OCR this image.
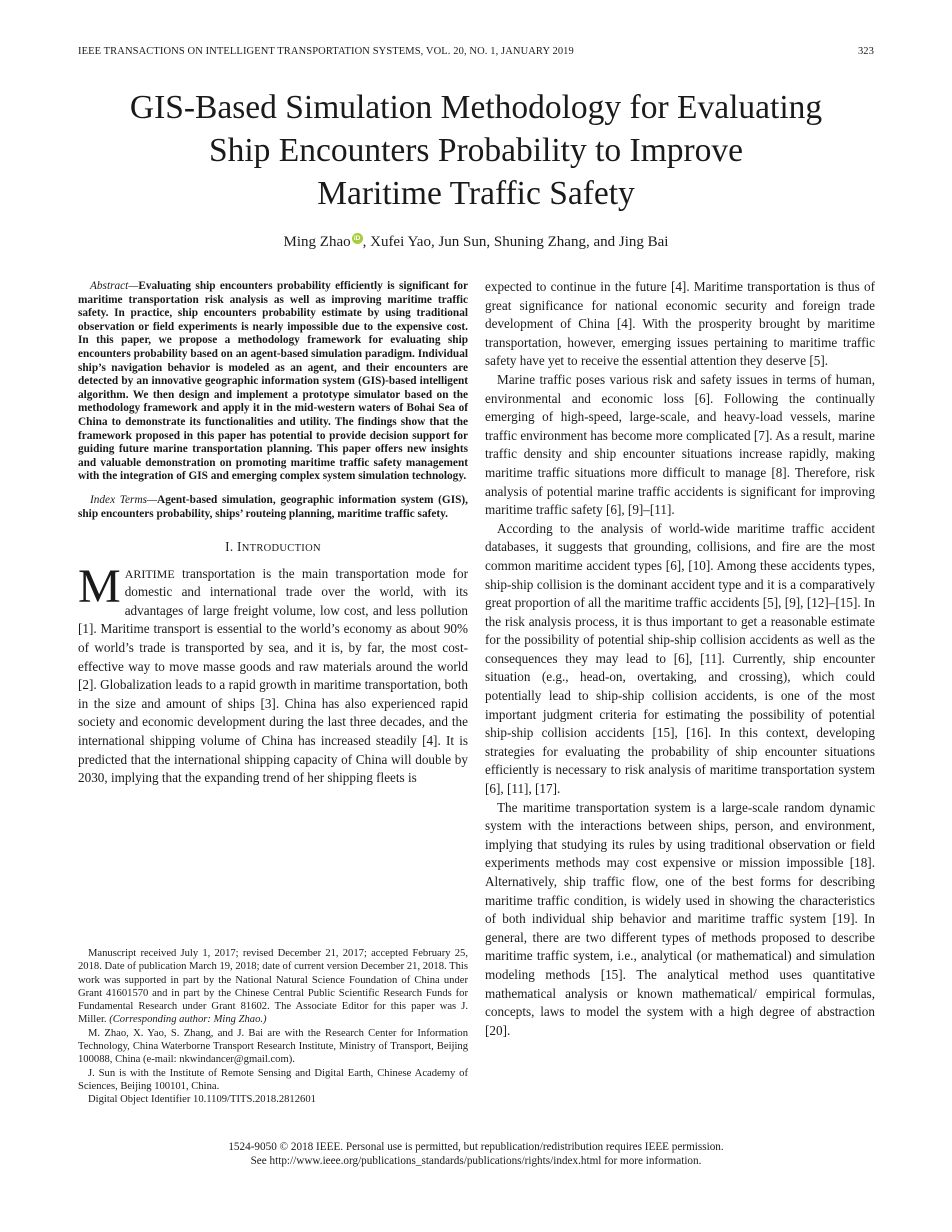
IEEE TRANSACTIONS ON INTELLIGENT TRANSPORTATION SYSTEMS, VOL. 20, NO. 1, JANUARY 2019	323
GIS-Based Simulation Methodology for Evaluating
Ship Encounters Probability to Improve
Maritime Traffic Safety
Ming Zhao iD , Xufei Yao, Jun Sun, Shuning Zhang, and Jing Bai

Abstract—Evaluating ship encounters probability efficiently is significant for maritime transportation risk analysis as well as improving maritime traffic safety. In practice, ship encounters probability estimate by using traditional observation or field experiments is nearly impossible due to the expensive cost. In this paper, we propose a methodology framework for evaluating ship encounters probability based on an agent-based simulation paradigm. Individual ship’s navigation behavior is modeled as an agent, and their encounters are detected by an innovative geographic information system (GIS)-based intelligent algorithm. We then design and implement a prototype simulator based on the methodology framework and apply it in the mid-western waters of Bohai Sea of China to demonstrate its functionalities and utility. The findings show that the framework proposed in this paper has potential to provide decision support for guiding future marine transportation planning. This paper offers new insights and valuable demonstration on promoting maritime traffic safety management with the integration of GIS and emerging complex system simulation technology.

Index Terms—Agent-based simulation, geographic information system (GIS), ship encounters probability, ships’ routeing planning, maritime traffic safety.

I. INTRODUCTION

MARITIME transportation is the main transportation mode for domestic and international trade over the world, with its advantages of large freight volume, low cost, and less pollution [1]. Maritime transport is essential to the world’s economy as about 90% of world’s trade is transported by sea, and it is, by far, the most cost-effective way to move masse goods and raw materials around the world [2]. Globalization leads to a rapid growth in maritime transportation, both in the size and amount of ships [3]. China has also experienced rapid society and economic development during the last three decades, and the international shipping volume of China has increased steadily [4]. It is predicted that the international shipping capacity of China will double by 2030, implying that the expanding trend of her shipping fleets is

Manuscript received July 1, 2017; revised December 21, 2017; accepted February 25, 2018. Date of publication March 19, 2018; date of current version December 21, 2018. This work was supported in part by the National Natural Science Foundation of China under Grant 41601570 and in part by the Chinese Central Public Scientific Research Funds for Fundamental Research under Grant 81602. The Associate Editor for this paper was J. Miller. (Corresponding author: Ming Zhao.)

M. Zhao, X. Yao, S. Zhang, and J. Bai are with the Research Center for Information Technology, China Waterborne Transport Research Institute, Ministry of Transport, Beijing 100088, China (e-mail: nkwindancer@gmail.com).

J. Sun is with the Institute of Remote Sensing and Digital Earth, Chinese Academy of Sciences, Beijing 100101, China.

Digital Object Identifier 10.1109/TITS.2018.2812601

expected to continue in the future [4]. Maritime transportation is thus of great significance for national economic security and foreign trade development of China [4]. With the prosperity brought by maritime transportation, however, emerging issues pertaining to maritime traffic safety have yet to receive the essential attention they deserve [5].

Marine traffic poses various risk and safety issues in terms of human, environmental and economic loss [6]. Following the continually emerging of high-speed, large-scale, and heavy-load vessels, marine traffic environment has become more complicated [7]. As a result, marine traffic density and ship encounter situations increase rapidly, making maritime traffic situations more difficult to manage [8]. Therefore, risk analysis of potential marine traffic accidents is significant for improving maritime traffic safety [6], [9]–[11].

According to the analysis of world-wide maritime traffic accident databases, it suggests that grounding, collisions, and fire are the most common maritime accident types [6], [10]. Among these accidents types, ship-ship collision is the dominant accident type and it is a comparatively great proportion of all the maritime traffic accidents [5], [9], [12]–[15]. In the risk analysis process, it is thus important to get a reasonable estimate for the possibility of potential ship-ship collision accidents as well as the consequences they may lead to [6], [11]. Currently, ship encounter situation (e.g., head-on, overtaking, and crossing), which could potentially lead to ship-ship collision accidents, is one of the most important judgment criteria for estimating the possibility of potential ship-ship collision accidents [15], [16]. In this context, developing strategies for evaluating the probability of ship encounter situations efficiently is necessary to risk analysis of maritime transportation system [6], [11], [17].

The maritime transportation system is a large-scale random dynamic system with the interactions between ships, person, and environment, implying that studying its rules by using traditional observation or field experiments methods may cost expensive or mission impossible [18]. Alternatively, ship traffic flow, one of the best forms for describing maritime traffic condition, is widely used in showing the characteristics of both individual ship behavior and maritime traffic system [19]. In general, there are two different types of methods proposed to describe maritime traffic system, i.e., analytical (or mathematical) and simulation modeling methods [15]. The analytical method uses quantitative mathematical analysis or known mathematical/ empirical formulas, concepts, laws to model the system with a high degree of abstraction [20].

1524-9050 © 2018 IEEE. Personal use is permitted, but republication/redistribution requires IEEE permission.
See http://www.ieee.org/publications_standards/publications/rights/index.html for more information.
